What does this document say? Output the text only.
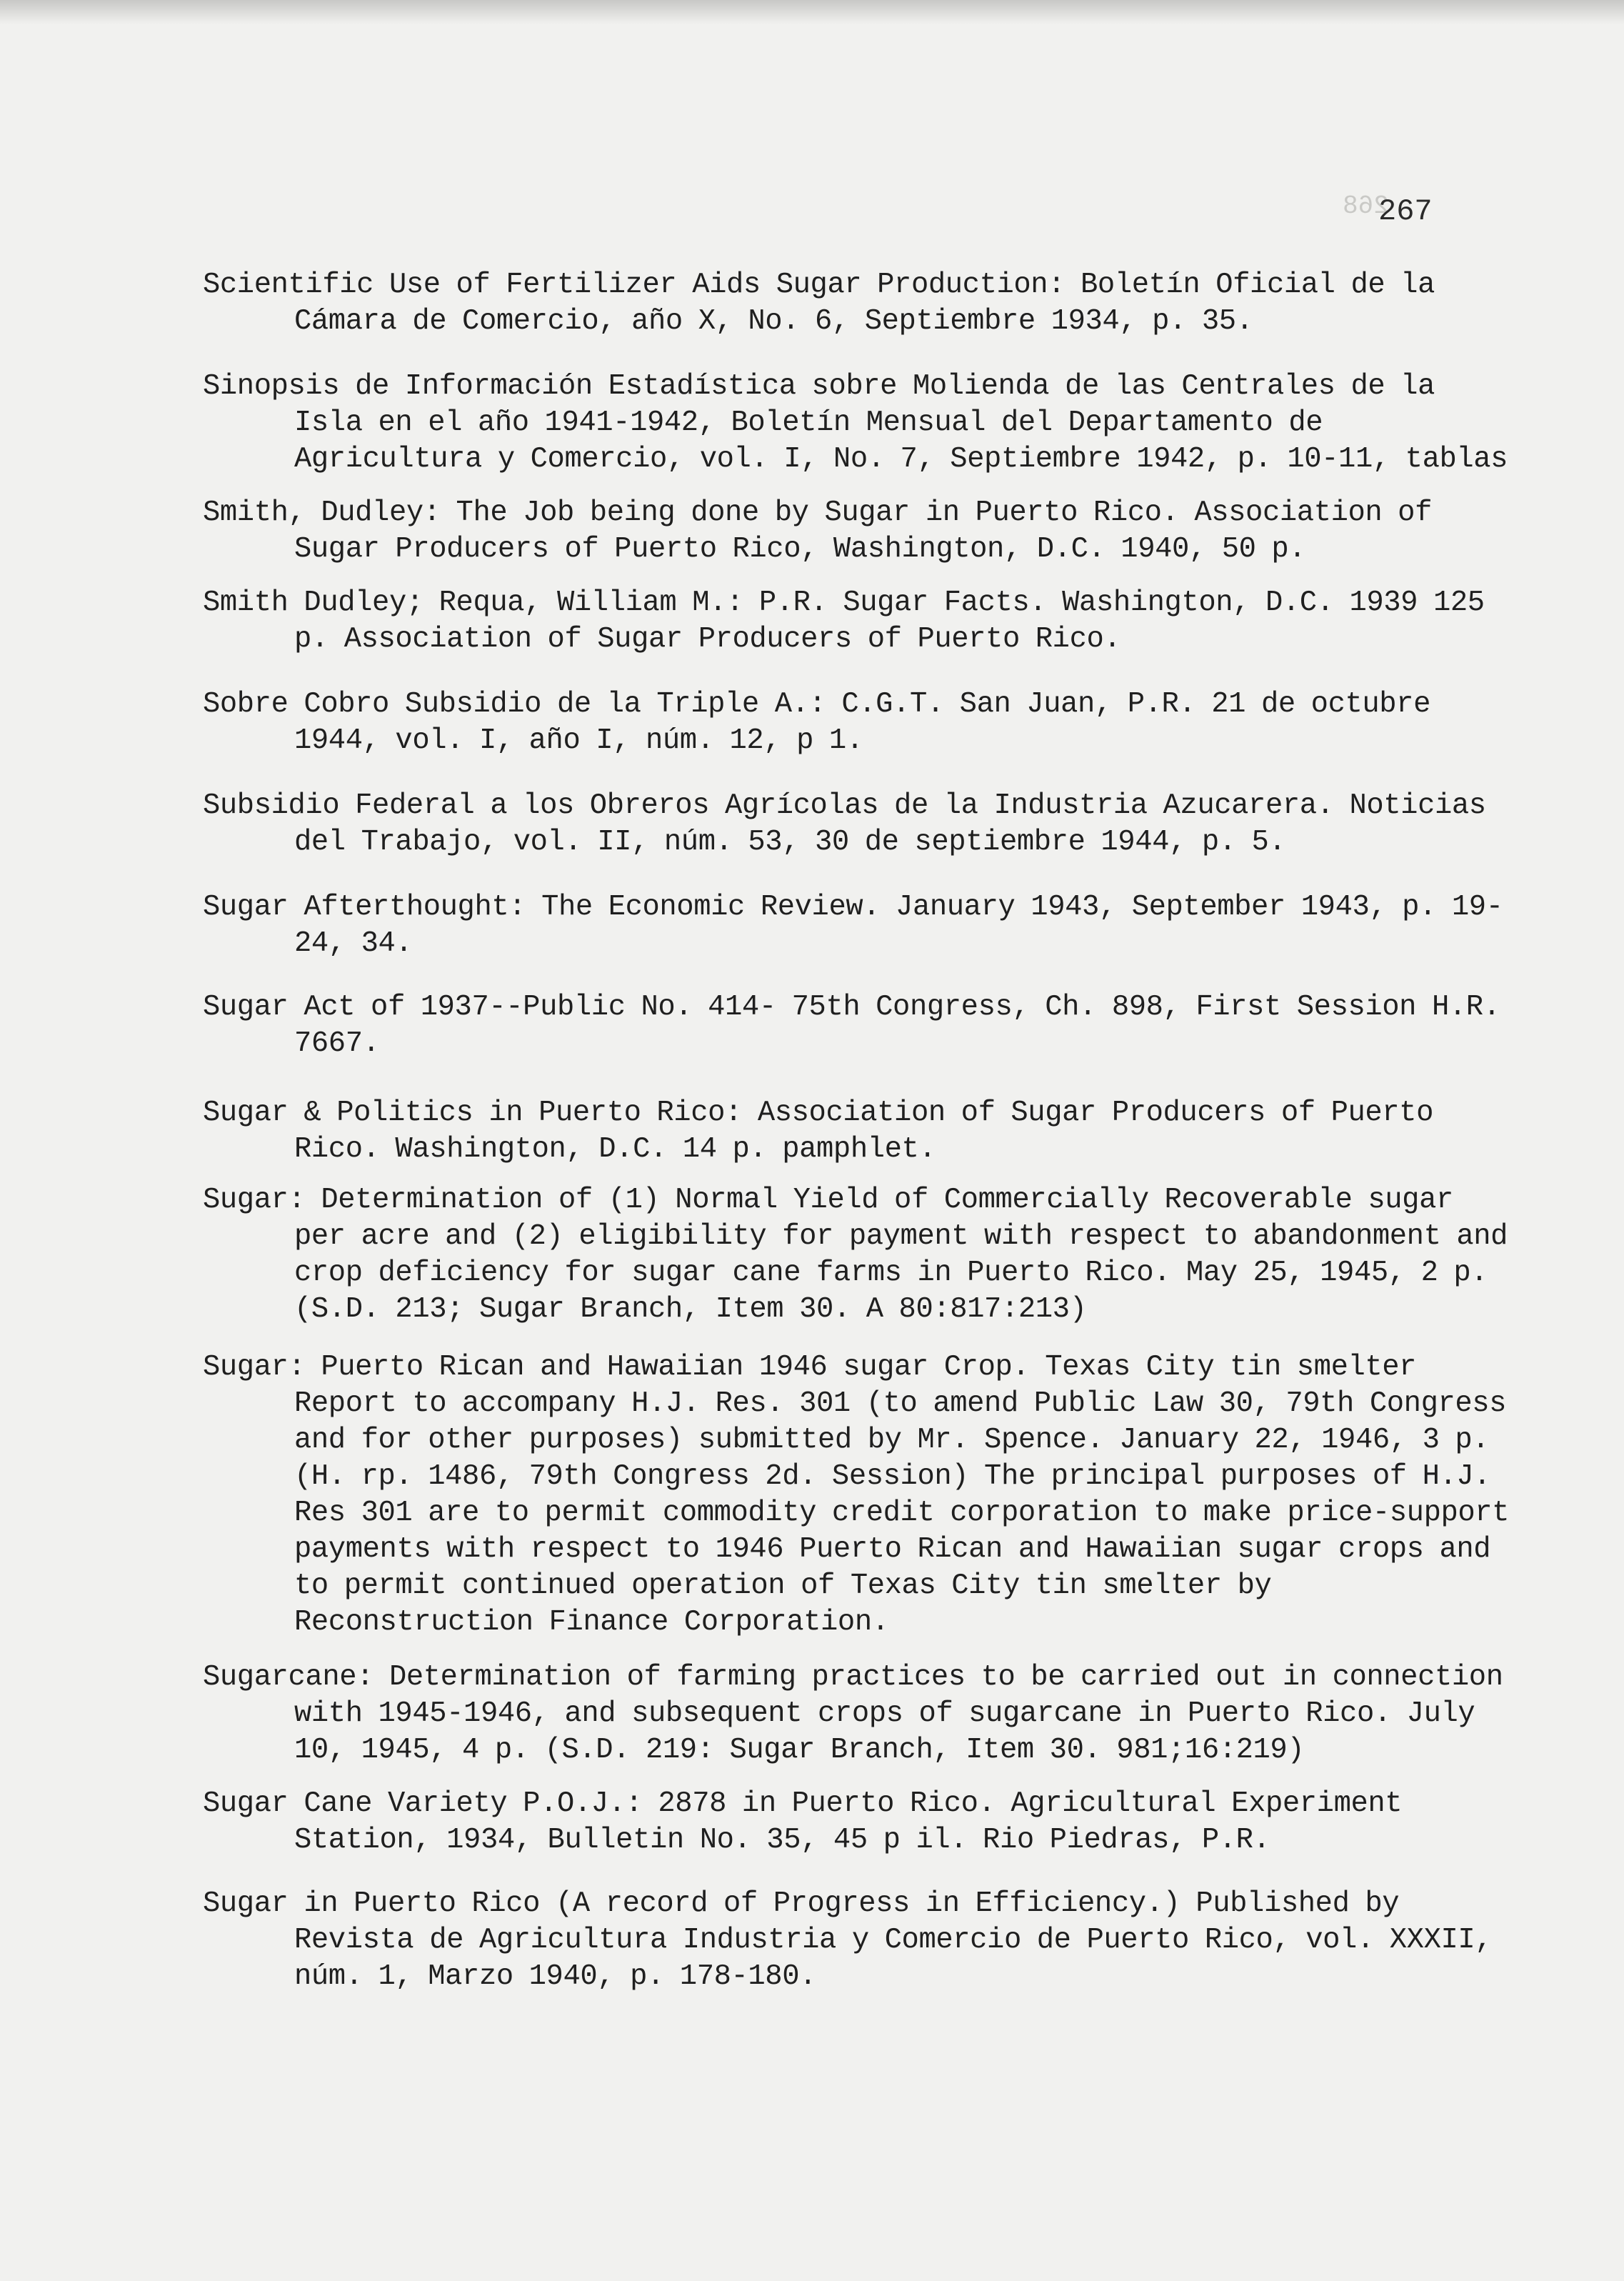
268
267

Scientific Use of Fertilizer Aids Sugar Production: Boletín Oficial de la Cámara de Comercio, año X, No. 6, Septiembre 1934, p. 35.

Sinopsis de Información Estadística sobre Molienda de las Centrales de la Isla en el año 1941-1942, Boletín Mensual del Departamento de Agricultura y Comercio, vol. I, No. 7, Septiembre 1942, p. 10-11, tablas

Smith, Dudley: The Job being done by Sugar in Puerto Rico. Association of Sugar Producers of Puerto Rico, Washington, D.C. 1940, 50 p.

Smith Dudley; Requa, William M.: P.R. Sugar Facts. Washington, D.C. 1939 125 p. Association of Sugar Producers of Puerto Rico.

Sobre Cobro Subsidio de la Triple A.: C.G.T. San Juan, P.R. 21 de octubre 1944, vol. I, año I, núm. 12, p 1.

Subsidio Federal a los Obreros Agrícolas de la Industria Azucarera. Noticias del Trabajo, vol. II, núm. 53, 30 de septiembre 1944, p. 5.

Sugar Afterthought: The Economic Review. January 1943, September 1943, p. 19-24, 34.

Sugar Act of 1937--Public No. 414- 75th Congress, Ch. 898, First Session H.R. 7667.

Sugar & Politics in Puerto Rico: Association of Sugar Producers of Puerto Rico. Washington, D.C. 14 p. pamphlet.

Sugar: Determination of (1) Normal Yield of Commercially Recoverable sugar per acre and (2) eligibility for payment with respect to abandonment and crop deficiency for sugar cane farms in Puerto Rico. May 25, 1945, 2 p. (S.D. 213; Sugar Branch, Item 30. A 80:817:213)

Sugar: Puerto Rican and Hawaiian 1946 sugar Crop. Texas City tin smelter Report to accompany H.J. Res. 301 (to amend Public Law 30, 79th Congress and for other purposes) submitted by Mr. Spence. January 22, 1946, 3 p. (H. rp. 1486, 79th Congress 2d. Session) The principal purposes of H.J. Res 301 are to permit commodity credit corporation to make price-support payments with respect to 1946 Puerto Rican and Hawaiian sugar crops and to permit continued operation of Texas City tin smelter by Reconstruction Finance Corporation.

Sugarcane: Determination of farming practices to be carried out in connection with 1945-1946, and subsequent crops of sugarcane in Puerto Rico. July 10, 1945, 4 p. (S.D. 219: Sugar Branch, Item 30. 981;16:219)

Sugar Cane Variety P.O.J.: 2878 in Puerto Rico. Agricultural Experiment Station, 1934, Bulletin No. 35, 45 p il. Rio Piedras, P.R.

Sugar in Puerto Rico (A record of Progress in Efficiency.) Published by Revista de Agricultura Industria y Comercio de Puerto Rico, vol. XXXII, núm. 1, Marzo 1940, p. 178-180.
